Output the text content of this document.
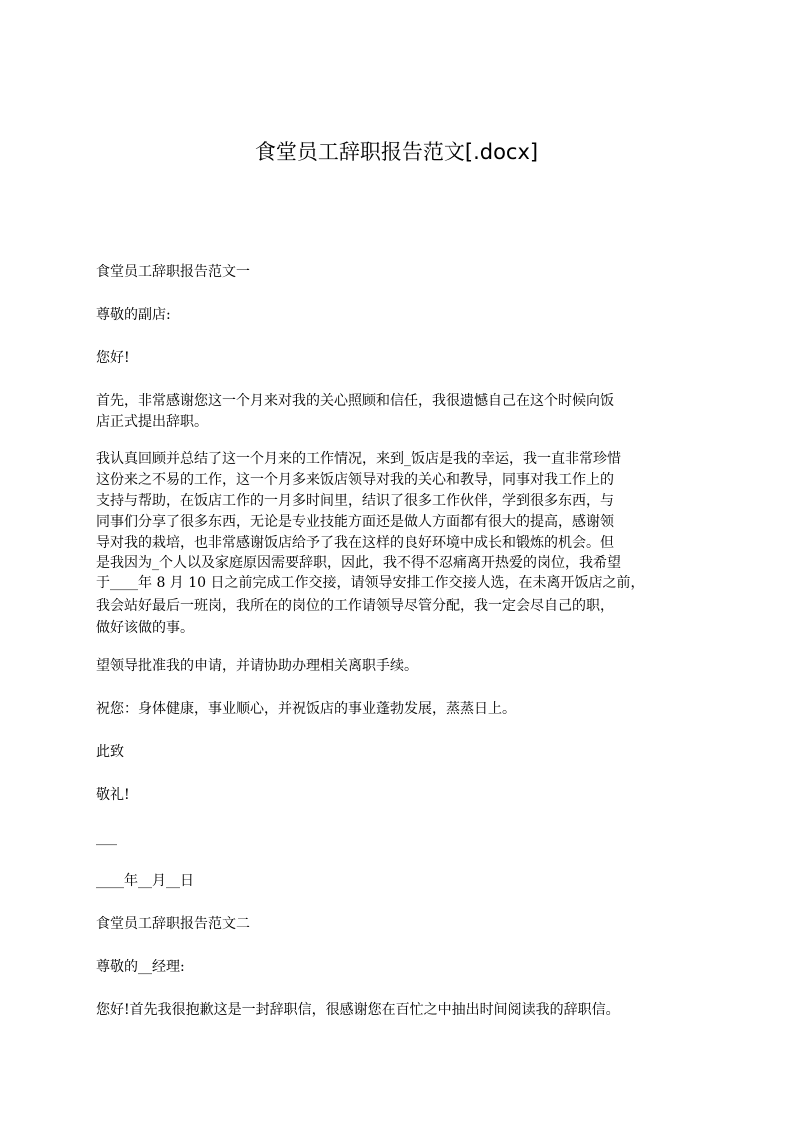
食堂员工辞职报告范文[.docx]

食堂员工辞职报告范文一

尊敬的副店:

您好!

首先，非常感谢您这一个月来对我的关心照顾和信任，我很遗憾自己在这个时候向饭
店正式提出辞职。
我认真回顾并总结了这一个月来的工作情况，来到_饭店是我的幸运，我一直非常珍惜
这份来之不易的工作，这一个月多来饭店领导对我的关心和教导，同事对我工作上的
支持与帮助，在饭店工作的一月多时间里，结识了很多工作伙伴，学到很多东西，与
同事们分享了很多东西，无论是专业技能方面还是做人方面都有很大的提高，感谢领
导对我的栽培，也非常感谢饭店给予了我在这样的良好环境中成长和锻炼的机会。但
是我因为_个人以及家庭原因需要辞职，因此，我不得不忍痛离开热爱的岗位，我希望
于____年 8 月 10 日之前完成工作交接，请领导安排工作交接人选，在未离开饭店之前，
我会站好最后一班岗，我所在的岗位的工作请领导尽管分配，我一定会尽自己的职，
做好该做的事。

望领导批准我的申请，并请协助办理相关离职手续。

祝您：身体健康，事业顺心，并祝饭店的事业蓬勃发展，蒸蒸日上。

此致

敬礼!

___

____年__月__日

食堂员工辞职报告范文二

尊敬的__经理:

您好!首先我很抱歉这是一封辞职信，很感谢您在百忙之中抽出时间阅读我的辞职信。
